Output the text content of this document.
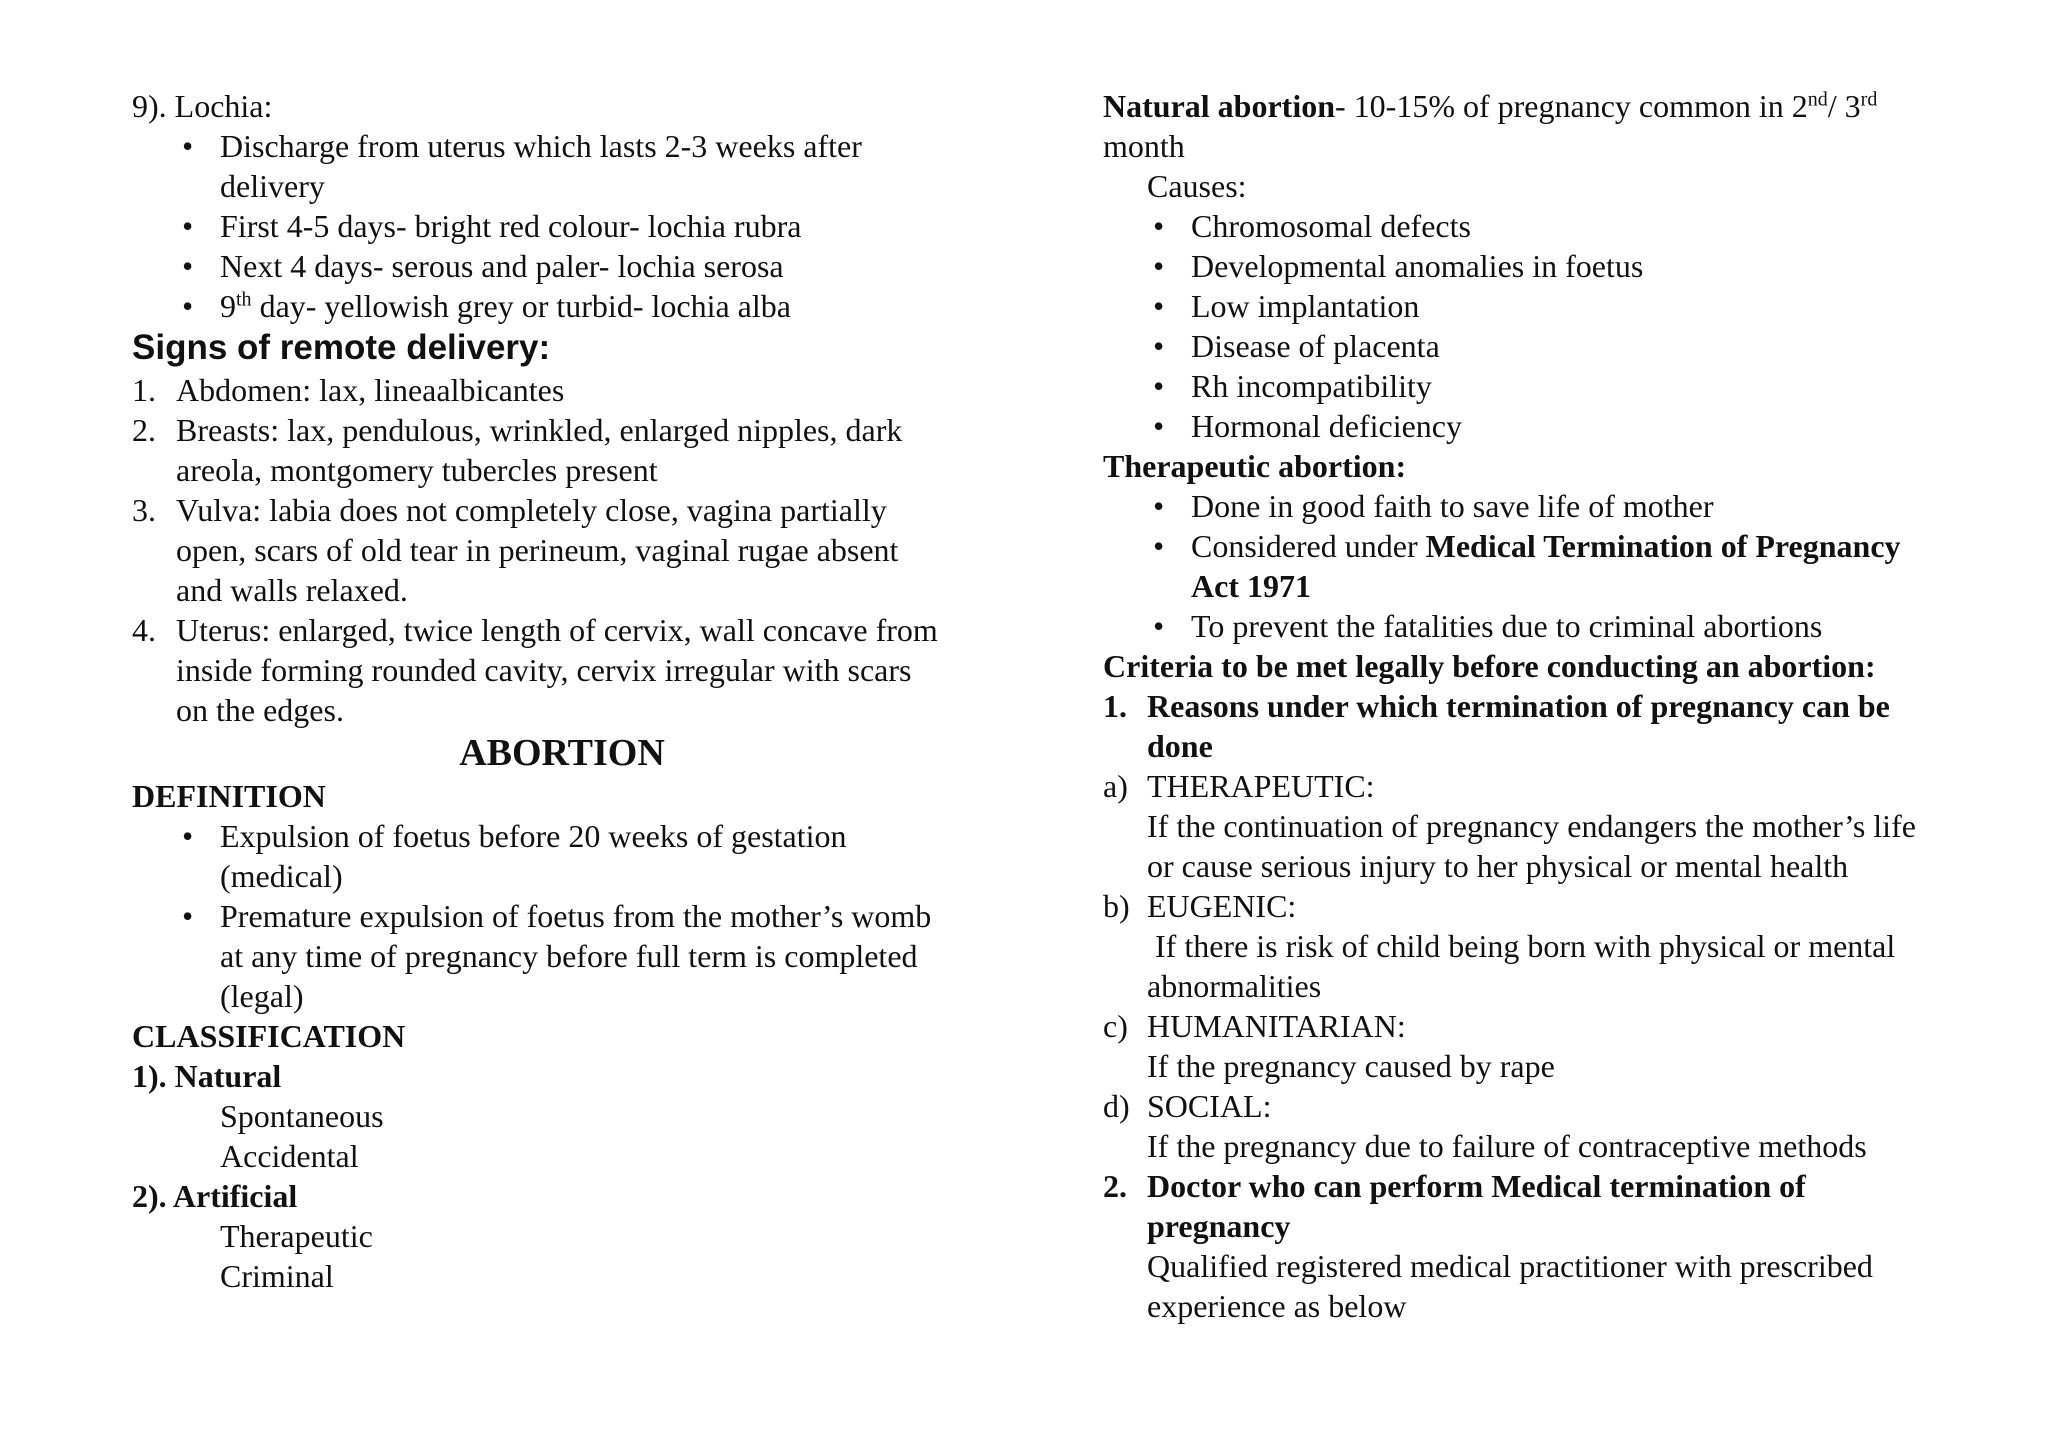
9). Lochia:
• Discharge from uterus which lasts 2-3 weeks after
delivery
• First 4-5 days- bright red colour- lochia rubra
• Next 4 days- serous and paler- lochia serosa
• 9th day- yellowish grey or turbid- lochia alba
Signs of remote delivery:
1. Abdomen: lax, lineaalbicantes
2. Breasts: lax, pendulous, wrinkled, enlarged nipples, dark
areola, montgomery tubercles present
3. Vulva: labia does not completely close, vagina partially
open, scars of old tear in perineum, vaginal rugae absent
and walls relaxed.
4. Uterus: enlarged, twice length of cervix, wall concave from
inside forming rounded cavity, cervix irregular with scars
on the edges.
ABORTION
DEFINITION
• Expulsion of foetus before 20 weeks of gestation
(medical)
• Premature expulsion of foetus from the mother’s womb
at any time of pregnancy before full term is completed
(legal)
CLASSIFICATION
1). Natural
Spontaneous
Accidental
2). Artificial
Therapeutic
Criminal
Natural abortion- 10-15% of pregnancy common in 2nd/ 3rd
month
Causes:
• Chromosomal defects
• Developmental anomalies in foetus
• Low implantation
• Disease of placenta
• Rh incompatibility
• Hormonal deficiency
Therapeutic abortion:
• Done in good faith to save life of mother
• Considered under Medical Termination of Pregnancy
Act 1971
• To prevent the fatalities due to criminal abortions
Criteria to be met legally before conducting an abortion:
1. Reasons under which termination of pregnancy can be
done
a) THERAPEUTIC:
If the continuation of pregnancy endangers the mother’s life
or cause serious injury to her physical or mental health
b) EUGENIC:
If there is risk of child being born with physical or mental
abnormalities
c) HUMANITARIAN:
If the pregnancy caused by rape
d) SOCIAL:
If the pregnancy due to failure of contraceptive methods
2. Doctor who can perform Medical termination of
pregnancy
Qualified registered medical practitioner with prescribed
experience as below
